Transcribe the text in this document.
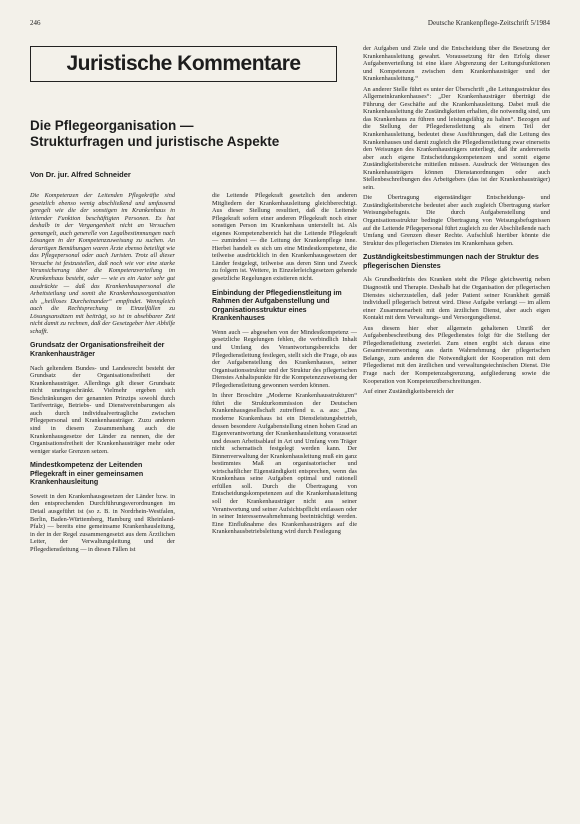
246	Deutsche Krankenpflege-Zeitschrift 5/1984
Juristische Kommentare
Die Pflegeorganisation —
Strukturfragen und juristische Aspekte
Von Dr. jur. Alfred Schneider

Die Kompetenzen der Leitenden Pflegekräfte sind gesetzlich ebenso wenig abschließend und umfassend geregelt wie die der sonstigen im Krankenhaus in leitender Funktion beschäftigten Personen. Es hat deshalb in der Vergangenheit nicht an Versuchen gemangelt, auch generelle von Legalbestimmungen nach Lösungen in der Kompetenzzuweisung zu suchen. An derartigen Bemühungen waren Ärzte ebenso beteiligt wie das Pflegepersonal oder auch Juristen. Trotz all dieser Versuche ist festzustellen, daß noch wie vor eine starke Verunsicherung über die Kompetenzverteilung im Krankenhaus besteht, oder — wie es ein Autor sehr gut ausdrückte — daß das Krankenhauspersonal die Arbeitsteilung und somit die Krankenhausorganisation als „heilloses Durcheinander“ empfindet. Wenngleich auch die Rechtsprechung in Einzelfällen zu Lösungsansätzen mit beiträgt, so ist in absehbarer Zeit nicht damit zu rechnen, daß der Gesetzgeber hier Abhilfe schafft.

Grundsatz der Organisationsfreiheit der Krankenhausträger

Nach geltendem Bundes- und Landesrecht besteht der Grundsatz der Organisationsfreiheit der Krankenhausträger. Allerdings gilt dieser Grundsatz nicht uneingeschränkt. Vielmehr ergeben sich Beschränkungen der genannten Prinzips sowohl durch Tarifverträge, Betriebs- und Dienstvereinbarungen als auch durch individualvertragliche zwischen Pflegepersonal und Krankenhausträger. Zuzu anderen sind in diesem Zusammenhang auch die Krankenhausgesetze der Länder zu nennen, die der Organisationsfreiheit der Krankenhausträger mehr oder weniger starke Grenzen setzen.

Mindestkompetenz der Leitenden Pflegekraft in einer gemeinsamen Krankenhausleitung

Soweit in den Krankenhausgesetzen der Länder bzw. in den entsprechenden Durchführungsverordnungen im Detail ausgeführt ist (so z. B. in Nordrhein-Westfalen, Berlin, Baden-Württemberg, Hamburg und Rheinland-Pfalz) — bereits eine gemeinsame Krankenhausleitung, in der in der Regel zusammengesetzt aus dem Ärztlichen Leiter, der Verwaltungsleitung und der Pflegedienstleitung — in diesen Fällen ist

die Leitende Pflegekraft gesetzlich den anderen Mitgliedern der Krankenhausleitung gleichberechtigt. Aus dieser Stellung resultiert, daß die Leitende Pflegekraft sofern einer anderen Pflegekraft noch einer sonstigen Person im Krankenhaus unterstellt ist. Als eigenes Kompetenzbereich hat die Leitende Pflegekraft — zumindest — die Leitung der Krankenpflege inne. Hierbei handelt es sich um eine Mindestkompetenz, die teilweise ausdrücklich in den Krankenhausgesetzen der Länder festgelegt, teilweise aus deren Sinn und Zweck zu folgern ist. Weitere, in Einzelerleichgesetzen gehende gesetzliche Regelungen existieren nicht.

Einbindung der Pflegedienstleitung im Rahmen der Aufgabenstellung und Organisationsstruktur eines Krankenhauses

Wenn auch — abgesehen von der Mindestkompetenz — gesetzliche Regelungen fehlen, die verbindlich Inhalt und Umfang des Verantwortungsbereichs der Pflegedienstleitung festlegen, stellt sich die Frage, ob aus der Aufgabenstellung des Krankenhauses, seiner Organisationsstruktur und der Struktur des pflegerischen Dienstes Anhaltspunkte für die Kompetenzzuweisung der Pflegedienstleitung gewonnen werden können.

In ihrer Broschüre „Moderne Krankenhausstrukturen“ führt die Strukturkommission der Deutschen Krankenhausgesellschaft zutreffend u. a. aus: „Das moderne Krankenhaus ist ein Dienstleistungsbetrieb, dessen besondere Aufgabenstellung einen hohen Grad an Eigenverantwortung der Krankenhausleitung voraussetzt und dessen Arbeitsablauf in Art und Umfang vom Träger nicht schematisch festgelegt werden kann. Der Binnenverwaltung der Krankenhausleitung muß ein ganz bestimmtes Maß an organisatorischer und wirtschaftlicher Eigenständigkeit entsprechen, wenn das Krankenhaus seine Aufgaben optimal und rationell erfüllen soll. Durch die Übertragung von Entscheidungskompetenzen auf die Krankenhausleitung soll der Krankenhausträger nicht aus seiner Verantwortung und seiner Aufsichtspflicht entlassen oder in seiner Interessenwahrnehmung beeinträchtigt werden. Eine Einflußnahme des Krankenhausträgers auf die Krankenhausbetriebsleitung wird durch Festlegung

der Aufgaben und Ziele und die Entscheidung über die Besetzung der Krankenhausleitung gewahrt. Voraussetzung für den Erfolg dieser Aufgabenverteilung ist eine klare Abgrenzung der Leitungsfunktionen und Kompetenzen zwischen dem Krankenhausträger und der Krankenhausleitung.“

An anderer Stelle führt es unter der Überschrift „die Leitungsstruktur des Allgemeinkrankenhauses“: „Der Krankenhausträger überträgt die Führung der Geschäfte auf die Krankenhausleitung. Dabei muß die Krankenhausleitung die Zuständigkeiten erhalten, die notwendig sind, um das Krankenhaus zu führen und leistungsfähig zu halten“. Bezogen auf die Stellung der Pflegedienstleitung als einem Teil der Krankenhausleitung, bedeutet diese Ausführungen, daß die Leitung des Krankenhauses und damit zugleich die Pflegedienstleitung zwar einerseits den Weisungen des Krankenhausträgers unterliegt, daß ihr andererseits aber auch eigene Entscheidungskompetenzen und somit eigene Zuständigkeitsbereiche mitteilen müssen. Ausdruck der Weisungen des Krankenhausträgers können Dienstanordnungen oder auch Stellenbeschreibungen des Arbeitgebers (das ist der Krankenhausträger) sein.

Die Übertragung eigenständiger Entscheidungs- und Zuständigkeitsbereiche bedeutet aber auch zugleich Übertragung starker Weisungsbefugnis. Die durch Aufgabenstellung und Organisationsstruktur bedingte Übertragung von Weisungsbefugnissen auf die Leitende Pflegepersonal führt zugleich zu der Abschließende nach Umfang und Grenzen dieser Rechte. Aufschluß hierüber könnte die Struktur des pflegerischen Dienstes im Krankenhaus geben.

Zuständigkeitsbestimmungen nach der Struktur des pflegerischen Dienstes

Als Grundbedürfnis des Kranken steht die Pflege gleichwertig neben Diagnostik und Therapie. Deshalb hat die Organisation der pflegerischen Dienstes sicherzustellen, daß jeder Patient seiner Krankheit gemäß individuell pflegerisch betreut wird. Diese Aufgabe verlangt — im allem einer Zusammenarbeit mit dem ärztlichen Dienst, aber auch eigen Kontakt mit dem Verwaltungs- und Versorgungsdienst.

Aus diesem hier eher allgemein gehaltenen Umriß der Aufgabenbeschreibung des Pflegedienstes folgt für die Stellung der Pflegedienstleitung zweierlei. Zum einen ergibt sich daraus eine Gesamtverantwortung aus darin Wahrnehmung der pflegerischen Belange, zum anderen die Notwendigkeit der Kooperation mit dem Pflegedienst mit den ärztlichen und verwaltungstechnischen Dienst. Die Frage nach der Kompetenzabgrenzung, aufgliederung sowie die Kooperation von Kompetenzüberschreitungen.

Auf einer Zuständigkeitsbereich der
